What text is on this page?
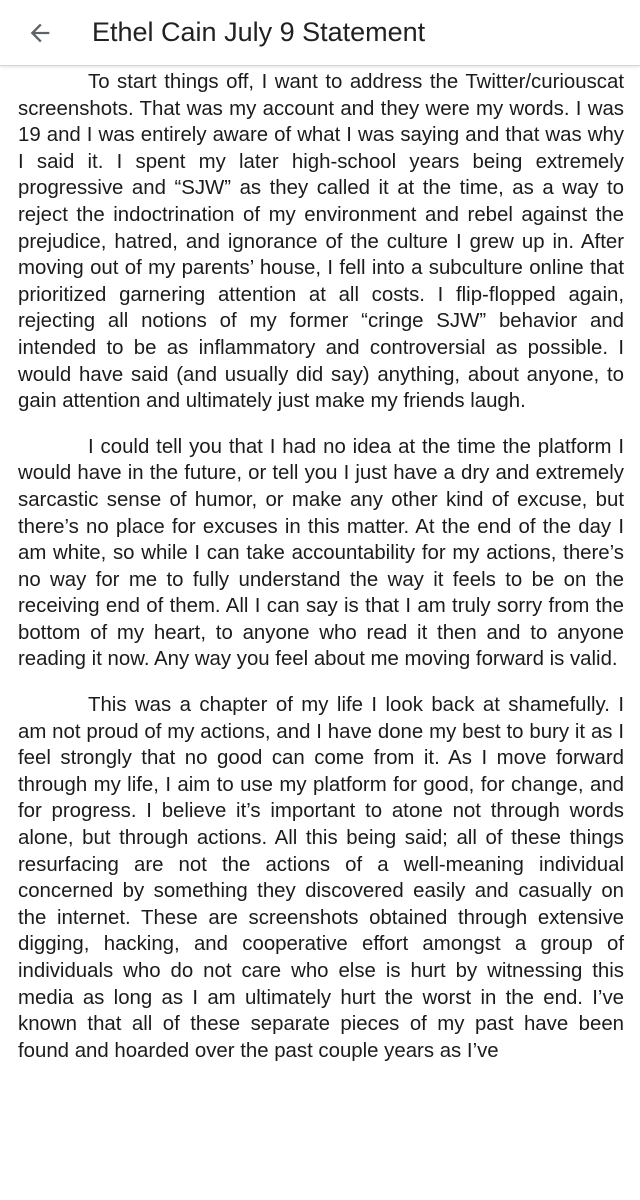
Ethel Cain July 9 Statement

To start things off, I want to address the Twitter/curiouscat screenshots. That was my account and they were my words. I was 19 and I was entirely aware of what I was saying and that was why I said it. I spent my later high-school years being extremely progressive and “SJW” as they called it at the time, as a way to reject the indoctrination of my environment and rebel against the prejudice, hatred, and ignorance of the culture I grew up in. After moving out of my parents’ house, I fell into a subculture online that prioritized garnering attention at all costs. I flip-flopped again, rejecting all notions of my former “cringe SJW” behavior and intended to be as inflammatory and controversial as possible. I would have said (and usually did say) anything, about anyone, to gain attention and ultimately just make my friends laugh.

I could tell you that I had no idea at the time the platform I would have in the future, or tell you I just have a dry and extremely sarcastic sense of humor, or make any other kind of excuse, but there’s no place for excuses in this matter. At the end of the day I am white, so while I can take accountability for my actions, there’s no way for me to fully understand the way it feels to be on the receiving end of them. All I can say is that I am truly sorry from the bottom of my heart, to anyone who read it then and to anyone reading it now. Any way you feel about me moving forward is valid.

This was a chapter of my life I look back at shamefully. I am not proud of my actions, and I have done my best to bury it as I feel strongly that no good can come from it. As I move forward through my life, I aim to use my platform for good, for change, and for progress. I believe it’s important to atone not through words alone, but through actions. All this being said; all of these things resurfacing are not the actions of a well-meaning individual concerned by something they discovered easily and casually on the internet. These are screenshots obtained through extensive digging, hacking, and cooperative effort amongst a group of individuals who do not care who else is hurt by witnessing this media as long as I am ultimately hurt the worst in the end. I’ve known that all of these separate pieces of my past have been found and hoarded over the past couple years as I’ve
